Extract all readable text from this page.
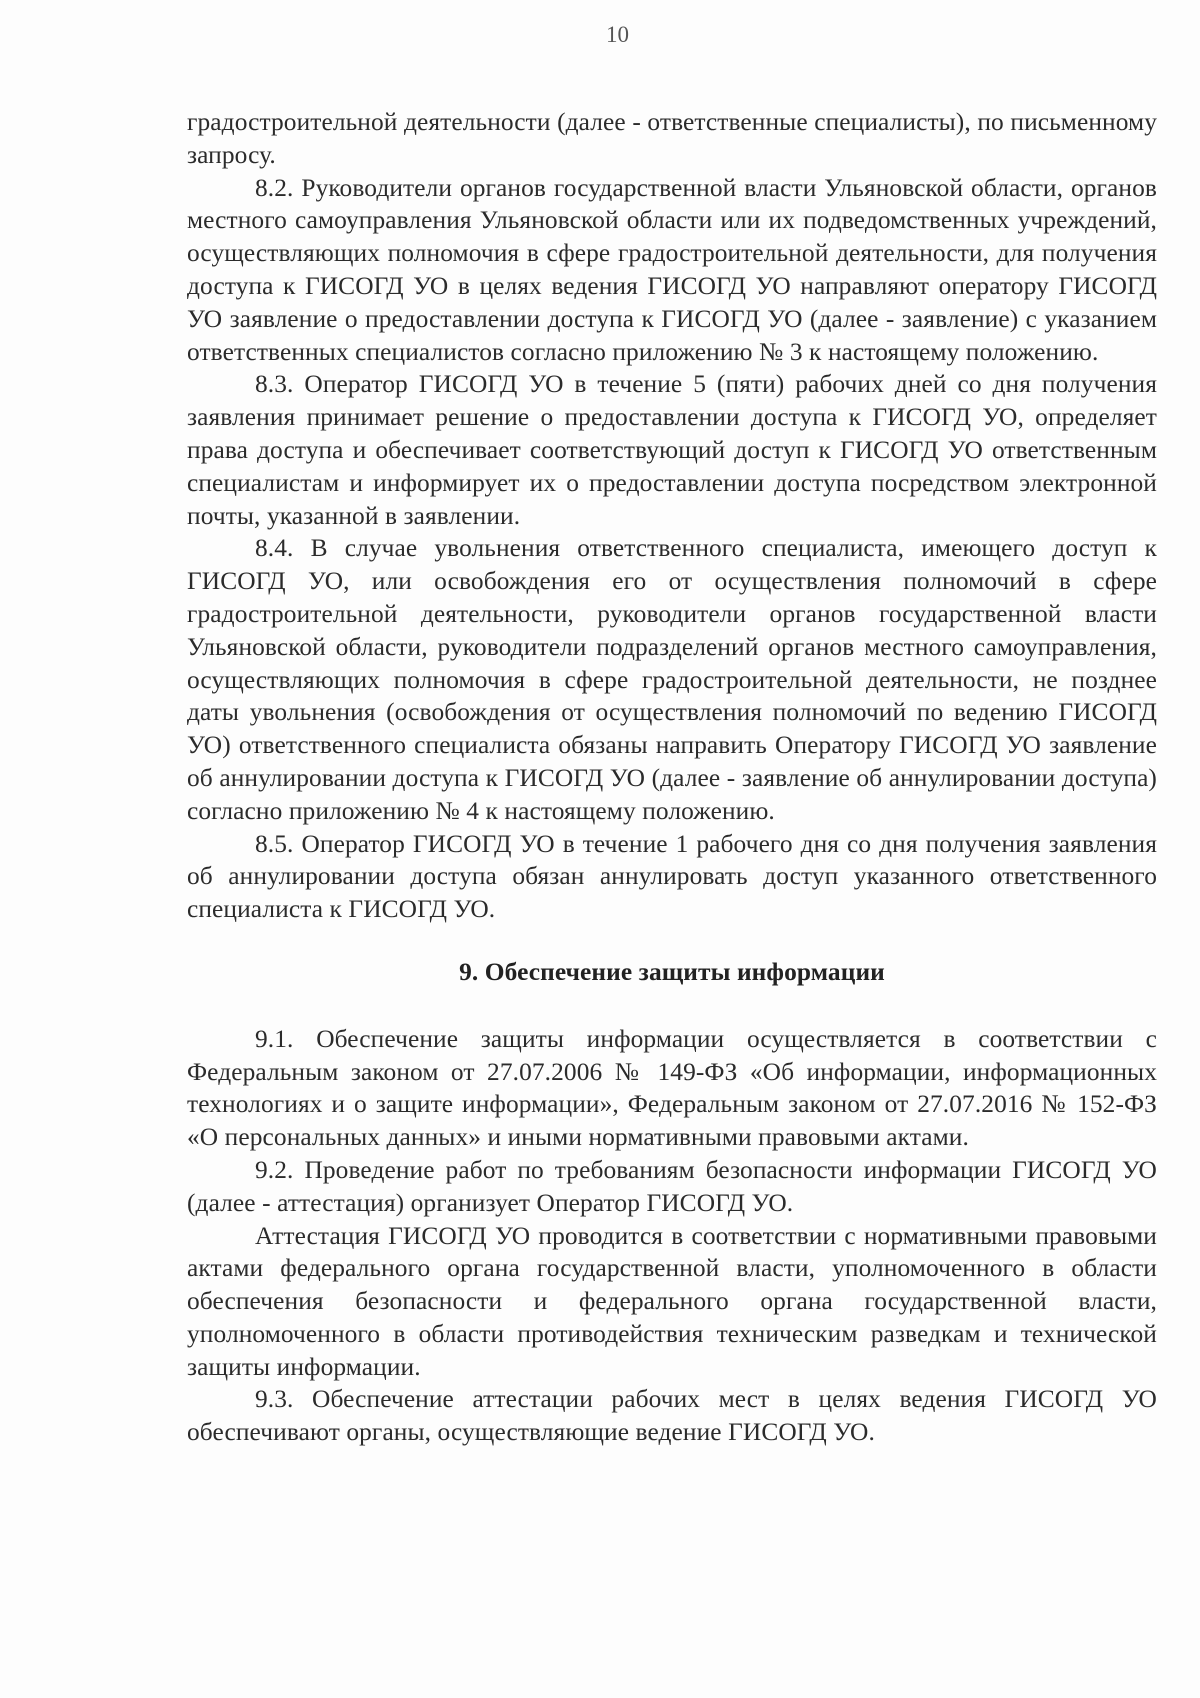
10

градостроительной деятельности (далее - ответственные специалисты), по письменному запросу.

8.2. Руководители органов государственной власти Ульяновской области, органов местного самоуправления Ульяновской области или их подведомственных учреждений, осуществляющих полномочия в сфере градостроительной деятельности, для получения доступа к ГИСОГД УО в целях ведения ГИСОГД УО направляют оператору ГИСОГД УО заявление о предоставлении доступа к ГИСОГД УО (далее - заявление) с указанием ответственных специалистов согласно приложению № 3 к настоящему положению.

8.3. Оператор ГИСОГД УО в течение 5 (пяти) рабочих дней со дня получения заявления принимает решение о предоставлении доступа к ГИСОГД УО, определяет права доступа и обеспечивает соответствующий доступ к ГИСОГД УО ответственным специалистам и информирует их о предоставлении доступа посредством электронной почты, указанной в заявлении.

8.4. В случае увольнения ответственного специалиста, имеющего доступ к ГИСОГД УО, или освобождения его от осуществления полномочий в сфере градостроительной деятельности, руководители органов государственной власти Ульяновской области, руководители подразделений органов местного самоуправления, осуществляющих полномочия в сфере градостроительной деятельности, не позднее даты увольнения (освобождения от осуществления полномочий по ведению ГИСОГД УО) ответственного специалиста обязаны направить Оператору ГИСОГД УО заявление об аннулировании доступа к ГИСОГД УО (далее - заявление об аннулировании доступа) согласно приложению № 4 к настоящему положению.

8.5. Оператор ГИСОГД УО в течение 1 рабочего дня со дня получения заявления об аннулировании доступа обязан аннулировать доступ указанного ответственного специалиста к ГИСОГД УО.

9. Обеспечение защиты информации

9.1. Обеспечение защиты информации осуществляется в соответствии с Федеральным законом от 27.07.2006 № 149-ФЗ «Об информации, информационных технологиях и о защите информации», Федеральным законом от 27.07.2016 № 152-ФЗ «О персональных данных» и иными нормативными правовыми актами.

9.2. Проведение работ по требованиям безопасности информации ГИСОГД УО (далее - аттестация) организует Оператор ГИСОГД УО.

Аттестация ГИСОГД УО проводится в соответствии с нормативными правовыми актами федерального органа государственной власти, уполномоченного в области обеспечения безопасности и федерального органа государственной власти, уполномоченного в области противодействия техническим разведкам и технической защиты информации.

9.3. Обеспечение аттестации рабочих мест в целях ведения ГИСОГД УО обеспечивают органы, осуществляющие ведение ГИСОГД УО.
